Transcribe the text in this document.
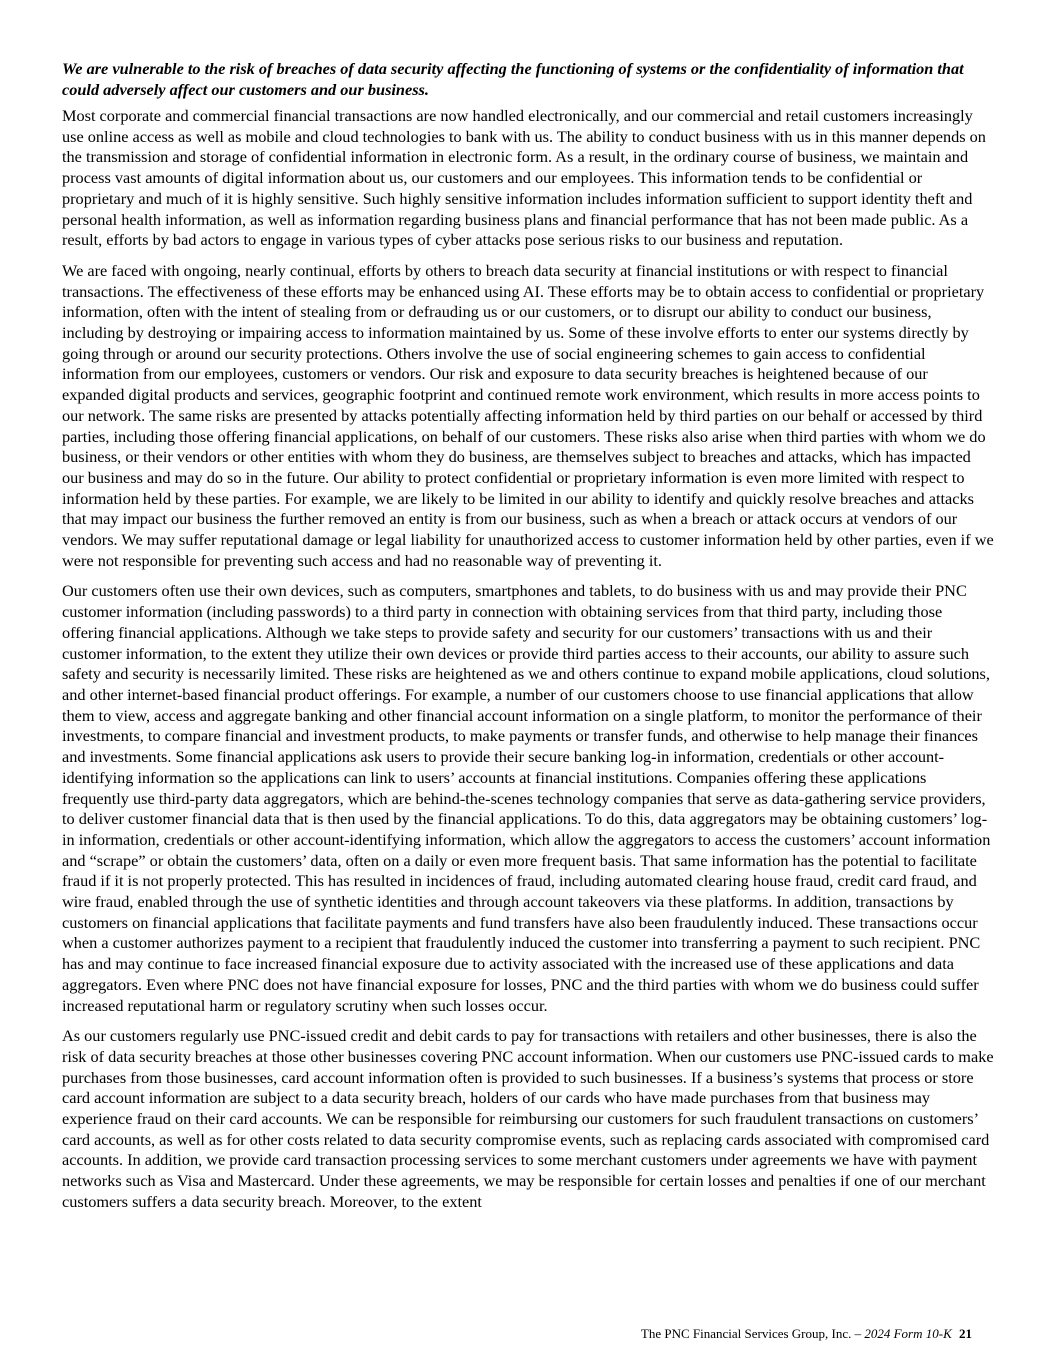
We are vulnerable to the risk of breaches of data security affecting the functioning of systems or the confidentiality of information that could adversely affect our customers and our business.

Most corporate and commercial financial transactions are now handled electronically, and our commercial and retail customers increasingly use online access as well as mobile and cloud technologies to bank with us. The ability to conduct business with us in this manner depends on the transmission and storage of confidential information in electronic form. As a result, in the ordinary course of business, we maintain and process vast amounts of digital information about us, our customers and our employees. This information tends to be confidential or proprietary and much of it is highly sensitive. Such highly sensitive information includes information sufficient to support identity theft and personal health information, as well as information regarding business plans and financial performance that has not been made public. As a result, efforts by bad actors to engage in various types of cyber attacks pose serious risks to our business and reputation.

We are faced with ongoing, nearly continual, efforts by others to breach data security at financial institutions or with respect to financial transactions. The effectiveness of these efforts may be enhanced using AI. These efforts may be to obtain access to confidential or proprietary information, often with the intent of stealing from or defrauding us or our customers, or to disrupt our ability to conduct our business, including by destroying or impairing access to information maintained by us. Some of these involve efforts to enter our systems directly by going through or around our security protections. Others involve the use of social engineering schemes to gain access to confidential information from our employees, customers or vendors. Our risk and exposure to data security breaches is heightened because of our expanded digital products and services, geographic footprint and continued remote work environment, which results in more access points to our network. The same risks are presented by attacks potentially affecting information held by third parties on our behalf or accessed by third parties, including those offering financial applications, on behalf of our customers. These risks also arise when third parties with whom we do business, or their vendors or other entities with whom they do business, are themselves subject to breaches and attacks, which has impacted our business and may do so in the future. Our ability to protect confidential or proprietary information is even more limited with respect to information held by these parties. For example, we are likely to be limited in our ability to identify and quickly resolve breaches and attacks that may impact our business the further removed an entity is from our business, such as when a breach or attack occurs at vendors of our vendors. We may suffer reputational damage or legal liability for unauthorized access to customer information held by other parties, even if we were not responsible for preventing such access and had no reasonable way of preventing it.

Our customers often use their own devices, such as computers, smartphones and tablets, to do business with us and may provide their PNC customer information (including passwords) to a third party in connection with obtaining services from that third party, including those offering financial applications. Although we take steps to provide safety and security for our customers’ transactions with us and their customer information, to the extent they utilize their own devices or provide third parties access to their accounts, our ability to assure such safety and security is necessarily limited. These risks are heightened as we and others continue to expand mobile applications, cloud solutions, and other internet-based financial product offerings. For example, a number of our customers choose to use financial applications that allow them to view, access and aggregate banking and other financial account information on a single platform, to monitor the performance of their investments, to compare financial and investment products, to make payments or transfer funds, and otherwise to help manage their finances and investments. Some financial applications ask users to provide their secure banking log-in information, credentials or other account-identifying information so the applications can link to users’ accounts at financial institutions. Companies offering these applications frequently use third-party data aggregators, which are behind-the-scenes technology companies that serve as data-gathering service providers, to deliver customer financial data that is then used by the financial applications. To do this, data aggregators may be obtaining customers’ log-in information, credentials or other account-identifying information, which allow the aggregators to access the customers’ account information and “scrape” or obtain the customers’ data, often on a daily or even more frequent basis. That same information has the potential to facilitate fraud if it is not properly protected. This has resulted in incidences of fraud, including automated clearing house fraud, credit card fraud, and wire fraud, enabled through the use of synthetic identities and through account takeovers via these platforms. In addition, transactions by customers on financial applications that facilitate payments and fund transfers have also been fraudulently induced. These transactions occur when a customer authorizes payment to a recipient that fraudulently induced the customer into transferring a payment to such recipient. PNC has and may continue to face increased financial exposure due to activity associated with the increased use of these applications and data aggregators. Even where PNC does not have financial exposure for losses, PNC and the third parties with whom we do business could suffer increased reputational harm or regulatory scrutiny when such losses occur.

As our customers regularly use PNC-issued credit and debit cards to pay for transactions with retailers and other businesses, there is also the risk of data security breaches at those other businesses covering PNC account information. When our customers use PNC-issued cards to make purchases from those businesses, card account information often is provided to such businesses. If a business’s systems that process or store card account information are subject to a data security breach, holders of our cards who have made purchases from that business may experience fraud on their card accounts. We can be responsible for reimbursing our customers for such fraudulent transactions on customers’ card accounts, as well as for other costs related to data security compromise events, such as replacing cards associated with compromised card accounts. In addition, we provide card transaction processing services to some merchant customers under agreements we have with payment networks such as Visa and Mastercard. Under these agreements, we may be responsible for certain losses and penalties if one of our merchant customers suffers a data security breach. Moreover, to the extent

The PNC Financial Services Group, Inc. – 2024 Form 10-K 21
